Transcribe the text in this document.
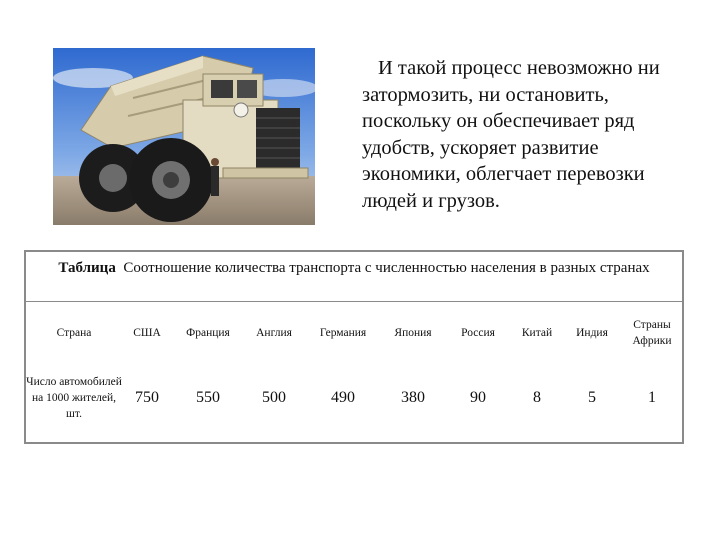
И такой процесс невозможно ни затормозить, ни остановить, поскольку он обеспечивает ряд удобств, ускоряет развитие экономики, облегчает перевозки людей и грузов.
Таблица Соотношение количества транспорта с численностью населения в разных странах
Страна	США	Франция	Англия	Германия	Япония	Россия	Китай	Индия	Страны Африки
Число автомобилей на 1000 жителей, шт.	750	550	500	490	380	90	8	5	1
